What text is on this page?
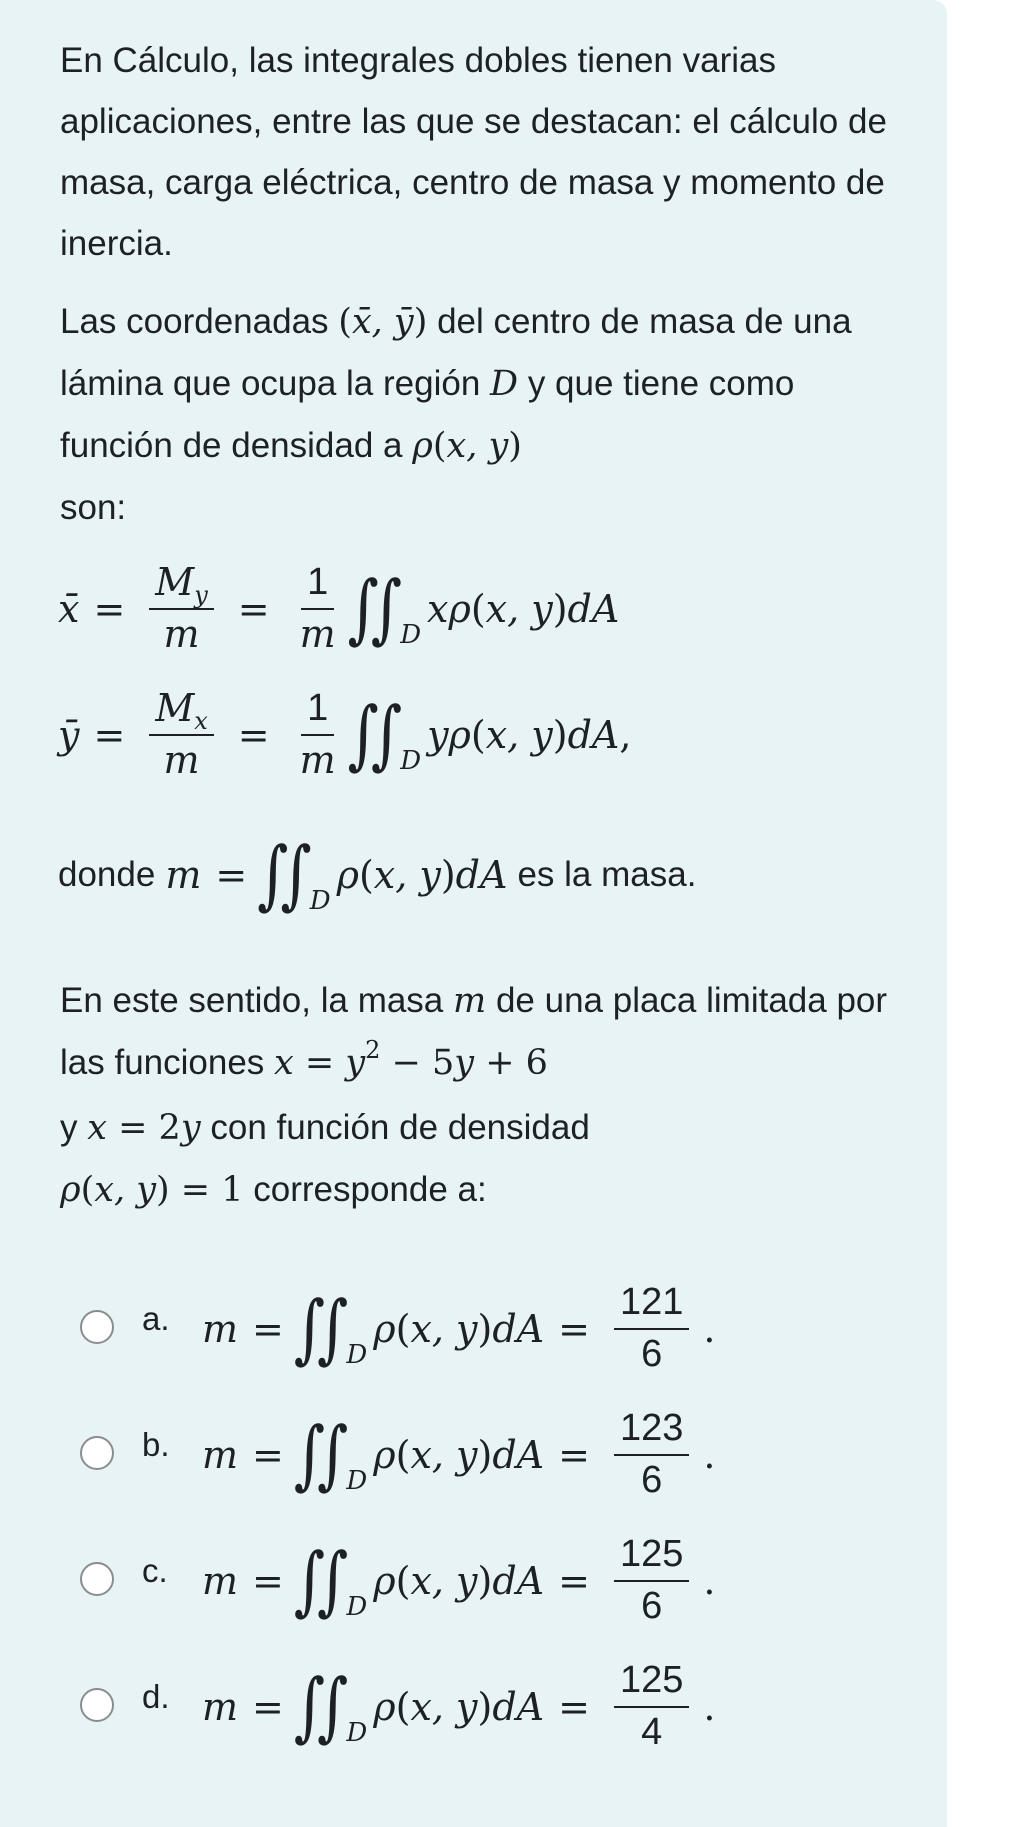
En Cálculo, las integrales dobles tienen varias aplicaciones, entre las que se destacan: el cálculo de masa, carga eléctrica, centro de masa y momento de inercia.

Las coordenadas (x̄, ȳ) del centro de masa de una lámina que ocupa la región D y que tiene como función de densidad a ρ(x, y)
son:

x̄ = $\frac{M_y}{m} = \frac{1}{m}$ ∫
∫
D
xρ(x, y)dA
ȳ = $\frac{M_x}{m} = \frac{1}{m}$ ∫
∫
D
yρ(x, y)dA,
donde m = ∫
∫
D
ρ(x, y)dA es la masa.

En este sentido, la masa m de una placa limitada por las funciones $x = y^2 - 5y + 6$
y x = 2y con función de densidad
ρ(x, y) = 1 corresponde a:

a. m = ∫
∫
D
ρ(x, $y)dA = \frac{121}{6}$ .
b. m = ∫
∫
D
ρ(x, $y)dA = \frac{123}{6}$ .
c. m = ∫
∫
D
ρ(x, $y)dA = \frac{125}{6}$ .
d. m = ∫
∫
D
ρ(x, $y)dA = \frac{125}{4}$ .
